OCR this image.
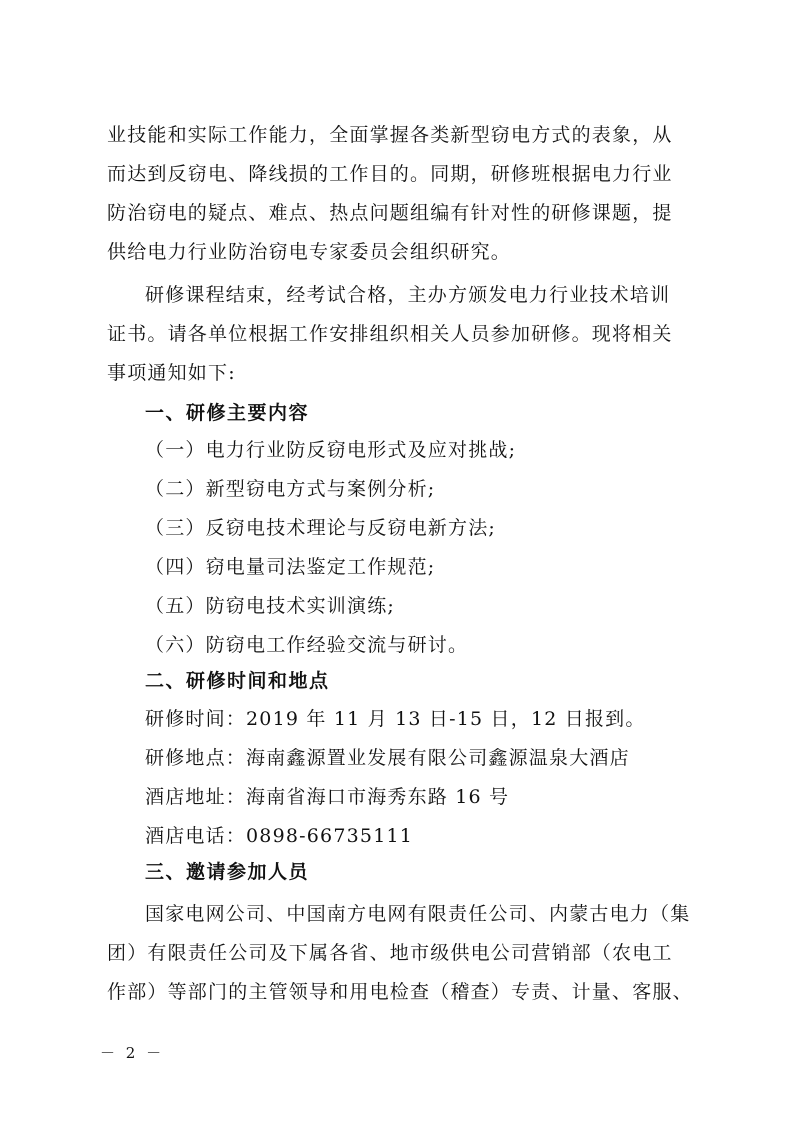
业技能和实际工作能力，全面掌握各类新型窃电方式的表象，从
而达到反窃电、降线损的工作目的。同期，研修班根据电力行业
防治窃电的疑点、难点、热点问题组编有针对性的研修课题，提
供给电力行业防治窃电专家委员会组织研究。
研修课程结束，经考试合格，主办方颁发电力行业技术培训
证书。请各单位根据工作安排组织相关人员参加研修。现将相关
事项通知如下:
一、研修主要内容
（一）电力行业防反窃电形式及应对挑战;
（二）新型窃电方式与案例分析;
（三）反窃电技术理论与反窃电新方法;
（四）窃电量司法鉴定工作规范;
（五）防窃电技术实训演练;
（六）防窃电工作经验交流与研讨。
二、研修时间和地点
研修时间：2019 年 11 月 13 日-15 日，12 日报到。
研修地点：海南鑫源置业发展有限公司鑫源温泉大酒店
酒店地址：海南省海口市海秀东路 16 号
酒店电话：0898-66735111
三、邀请参加人员
国家电网公司、中国南方电网有限责任公司、内蒙古电力（集
团）有限责任公司及下属各省、地市级供电公司营销部（农电工
作部）等部门的主管领导和用电检查（稽查）专责、计量、客服、
－ 2 －
